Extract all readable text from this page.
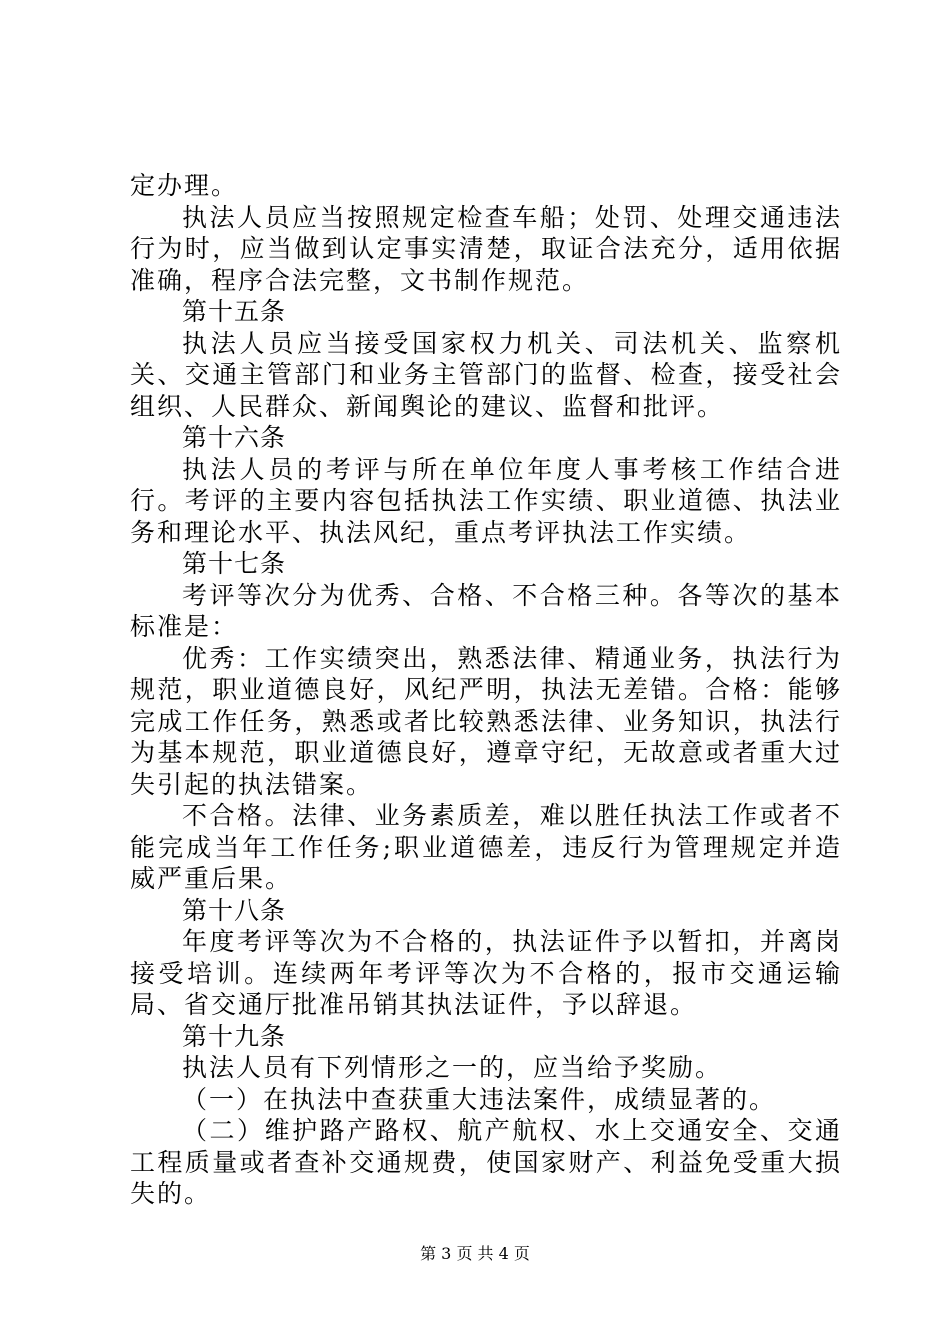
定办理。

执法人员应当按照规定检查车船；处罚、处理交通违法行为时，应当做到认定事实清楚，取证合法充分，适用依据准确，程序合法完整，文书制作规范。

第十五条

执法人员应当接受国家权力机关、司法机关、监察机关、交通主管部门和业务主管部门的监督、检查，接受社会组织、人民群众、新闻舆论的建议、监督和批评。

第十六条

执法人员的考评与所在单位年度人事考核工作结合进行。考评的主要内容包括执法工作实绩、职业道德、执法业务和理论水平、执法风纪，重点考评执法工作实绩。

第十七条

考评等次分为优秀、合格、不合格三种。各等次的基本标准是：

优秀：工作实绩突出，熟悉法律、精通业务，执法行为规范，职业道德良好，风纪严明，执法无差错。合格：能够完成工作任务，熟悉或者比较熟悉法律、业务知识，执法行为基本规范，职业道德良好，遵章守纪，无故意或者重大过失引起的执法错案。

不合格。法律、业务素质差，难以胜任执法工作或者不能完成当年工作任务;职业道德差，违反行为管理规定并造威严重后果。

第十八条

年度考评等次为不合格的，执法证件予以暂扣，并离岗接受培训。连续两年考评等次为不合格的，报市交通运输局、省交通厅批准吊销其执法证件，予以辞退。

第十九条

执法人员有下列情形之一的，应当给予奖励。

（一）在执法中查获重大违法案件，成绩显著的。

（二）维护路产路权、航产航权、水上交通安全、交通工程质量或者查补交通规费，使国家财产、利益免受重大损失的。

第 3 页 共 4 页
